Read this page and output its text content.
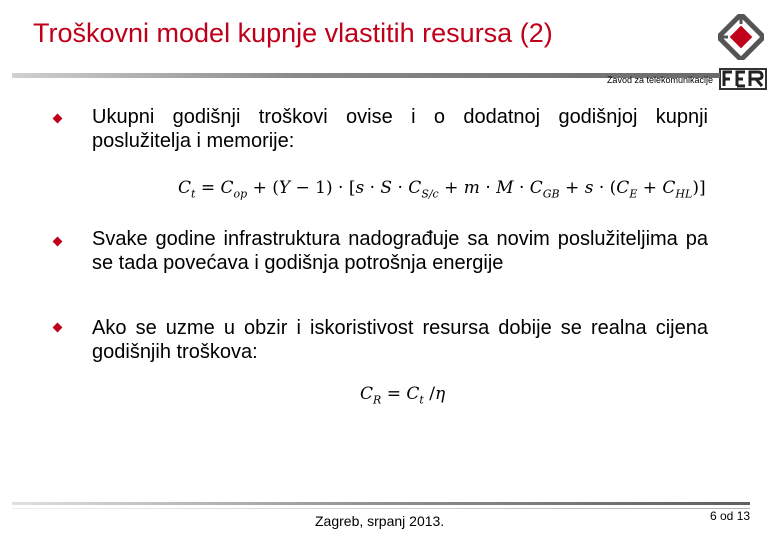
Troškovni model kupnje vlastitih resursa (2)
Zavod za telekomunikacije
Ukupni godišnji troškovi ovise i o dodatnoj godišnjoj kupnji poslužitelja i memorije:
$C_t = C_{op} + (Y - 1) \cdot [s \cdot S \cdot C_{S/c} + m \cdot M \cdot C_{GB} + s \cdot (C_E + C_{HL})]$
Svake godine infrastruktura nadograđuje sa novim poslužiteljima pa se tada povećava i godišnja potrošnja energije
Ako se uzme u obzir i iskoristivost resursa dobije se realna cijena godišnjih troškova:
$C_R = C_t$ /η
Zagreb, srpanj 2013.	6 od 13
